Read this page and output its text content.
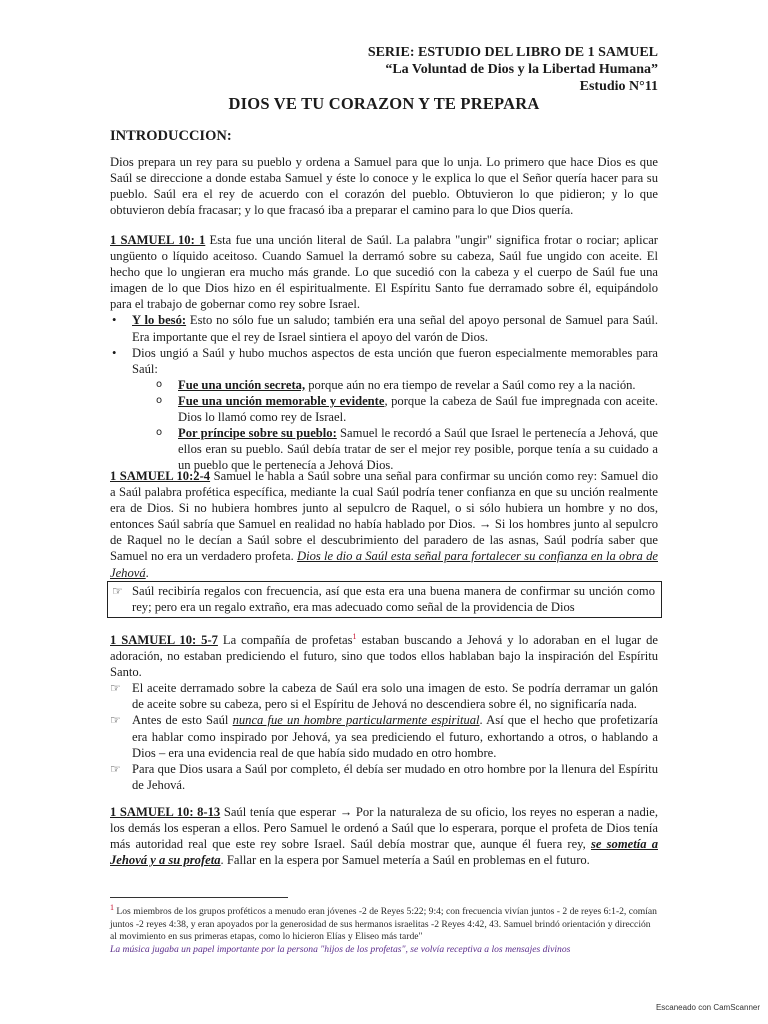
SERIE: ESTUDIO DEL LIBRO DE 1 SAMUEL
“La Voluntad de Dios y la Libertad Humana”
Estudio N°11
DIOS VE TU CORAZON Y TE PREPARA
INTRODUCCION:

Dios prepara un rey para su pueblo y ordena a Samuel para que lo unja. Lo primero que hace Dios es que Saúl se direccione a donde estaba Samuel y éste lo conoce y le explica lo que el Señor quería hacer para su pueblo. Saúl era el rey de acuerdo con el corazón del pueblo. Obtuvieron lo que pidieron; y lo que obtuvieron debía fracasar; y lo que fracasó iba a preparar el camino para lo que Dios quería.

1 SAMUEL 10: 1 Esta fue una unción literal de Saúl. La palabra "ungir" significa frotar o rociar; aplicar ungüento o líquido aceitoso. Cuando Samuel la derramó sobre su cabeza, Saúl fue ungido con aceite. El hecho que lo ungieran era mucho más grande. Lo que sucedió con la cabeza y el cuerpo de Saúl fue una imagen de lo que Dios hizo en él espiritualmente. El Espíritu Santo fue derramado sobre él, equipándolo para el trabajo de gobernar como rey sobre Israel.

• Y lo besó: Esto no sólo fue un saludo; también era una señal del apoyo personal de Samuel para Saúl. Era importante que el rey de Israel sintiera el apoyo del varón de Dios.
• Dios ungió a Saúl y hubo muchos aspectos de esta unción que fueron especialmente memorables para Saúl:
o Fue una unción secreta, porque aún no era tiempo de revelar a Saúl como rey a la nación.
o Fue una unción memorable y evidente, porque la cabeza de Saúl fue impregnada con aceite. Dios lo llamó como rey de Israel.
o Por príncipe sobre su pueblo: Samuel le recordó a Saúl que Israel le pertenecía a Jehová, que ellos eran su pueblo. Saúl debía tratar de ser el mejor rey posible, porque tenía a su cuidado a un pueblo que le pertenecía a Jehová Dios.

1 SAMUEL 10:2-4 Samuel le habla a Saúl sobre una señal para confirmar su unción como rey: Samuel dio a Saúl palabra profética específica, mediante la cual Saúl podría tener confianza en que su unción realmente era de Dios. Si no hubiera hombres junto al sepulcro de Raquel, o si sólo hubiera un hombre y no dos, entonces Saúl sabría que Samuel en realidad no había hablado por Dios. → Si los hombres junto al sepulcro de Raquel no le decían a Saúl sobre el descubrimiento del paradero de las asnas, Saúl podría saber que Samuel no era un verdadero profeta. Dios le dio a Saúl esta señal para fortalecer su confianza en la obra de Jehová.

☞ Saúl recibiría regalos con frecuencia, así que esta era una buena manera de confirmar su unción como rey; pero era un regalo extraño, era mas adecuado como señal de la providencia de Dios

1 SAMUEL 10: 5-7 La compañía de profetas$^1$ estaban buscando a Jehová y lo adoraban en el lugar de adoración, no estaban prediciendo el futuro, sino que todos ellos hablaban bajo la inspiración del Espíritu Santo.

☞ El aceite derramado sobre la cabeza de Saúl era solo una imagen de esto. Se podría derramar un galón de aceite sobre su cabeza, pero si el Espíritu de Jehová no descendiera sobre él, no significaría nada.
☞ Antes de esto Saúl nunca fue un hombre particularmente espiritual. Así que el hecho que profetizaría era hablar como inspirado por Jehová, ya sea prediciendo el futuro, exhortando a otros, o hablando a Dios – era una evidencia real de que había sido mudado en otro hombre.
☞ Para que Dios usara a Saúl por completo, él debía ser mudado en otro hombre por la llenura del Espíritu de Jehová.

1 SAMUEL 10: 8-13 Saúl tenía que esperar → Por la naturaleza de su oficio, los reyes no esperan a nadie, los demás los esperan a ellos. Pero Samuel le ordenó a Saúl que lo esperara, porque el profeta de Dios tenía más autoridad real que este rey sobre Israel. Saúl debía mostrar que, aunque él fuera rey, se sometía a Jehová y a su profeta. Fallar en la espera por Samuel metería a Saúl en problemas en el futuro.

$^1$ Los miembros de los grupos proféticos a menudo eran jóvenes -2 de Reyes 5:22; 9:4; con frecuencia vivían juntos - 2 de reyes 6:1-2, comían juntos -2 reyes 4:38, y eran apoyados por la generosidad de sus hermanos israelitas -2 Reyes 4:42, 43. Samuel brindó orientación y dirección al movimiento en sus primeras etapas, como lo hicieron Elías y Eliseo más tarde"
La música jugaba un papel importante por la persona "hijos de los profetas", se volvía receptiva a los mensajes divinos
Escaneado con CamScanner
